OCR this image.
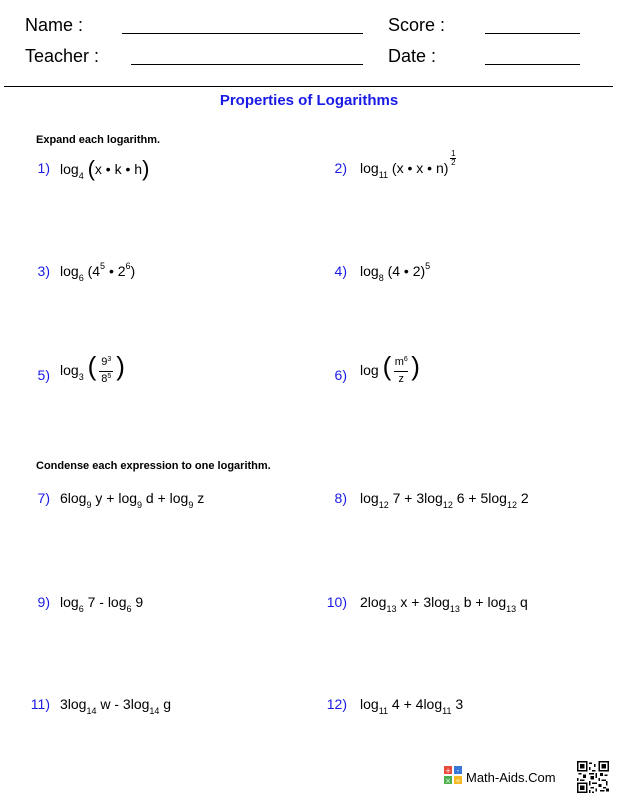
Name :
Teacher :
Score :
Date :
Properties of Logarithms
Expand each logarithm.
1) $\log_4 (x$ • k • h)	2) $\log_{11} (x$ • x • n)
$\frac{1}{2}$
3) $\log_6 (4^5$ • $2^6$)	4) $\log_8 (4$ • 2)$^5$
5) $\log_3$ ( $\frac{9^3}{8^5}$ )	6) log ( $\frac{m^6}{z}$ )
Condense each expression to one logarithm.
7) $6\log_9$ $y + \log_9 d + \log_9 z$	8) $\log_{12} 7 + 3\log_{12}$ $6 + 5\log_{12}$ 2
9) $\log_6 7 - \log_6 9$	10) $2\log_{13}$ $x + 3\log_{13}$ $b + \log_{13} q$
11) $3\log_{14}$ w - $3\log_{14}$ g	12) $\log_{11} 4 + 4\log_{11}$ 3
+ -
× ÷ Math-Aids.Com
